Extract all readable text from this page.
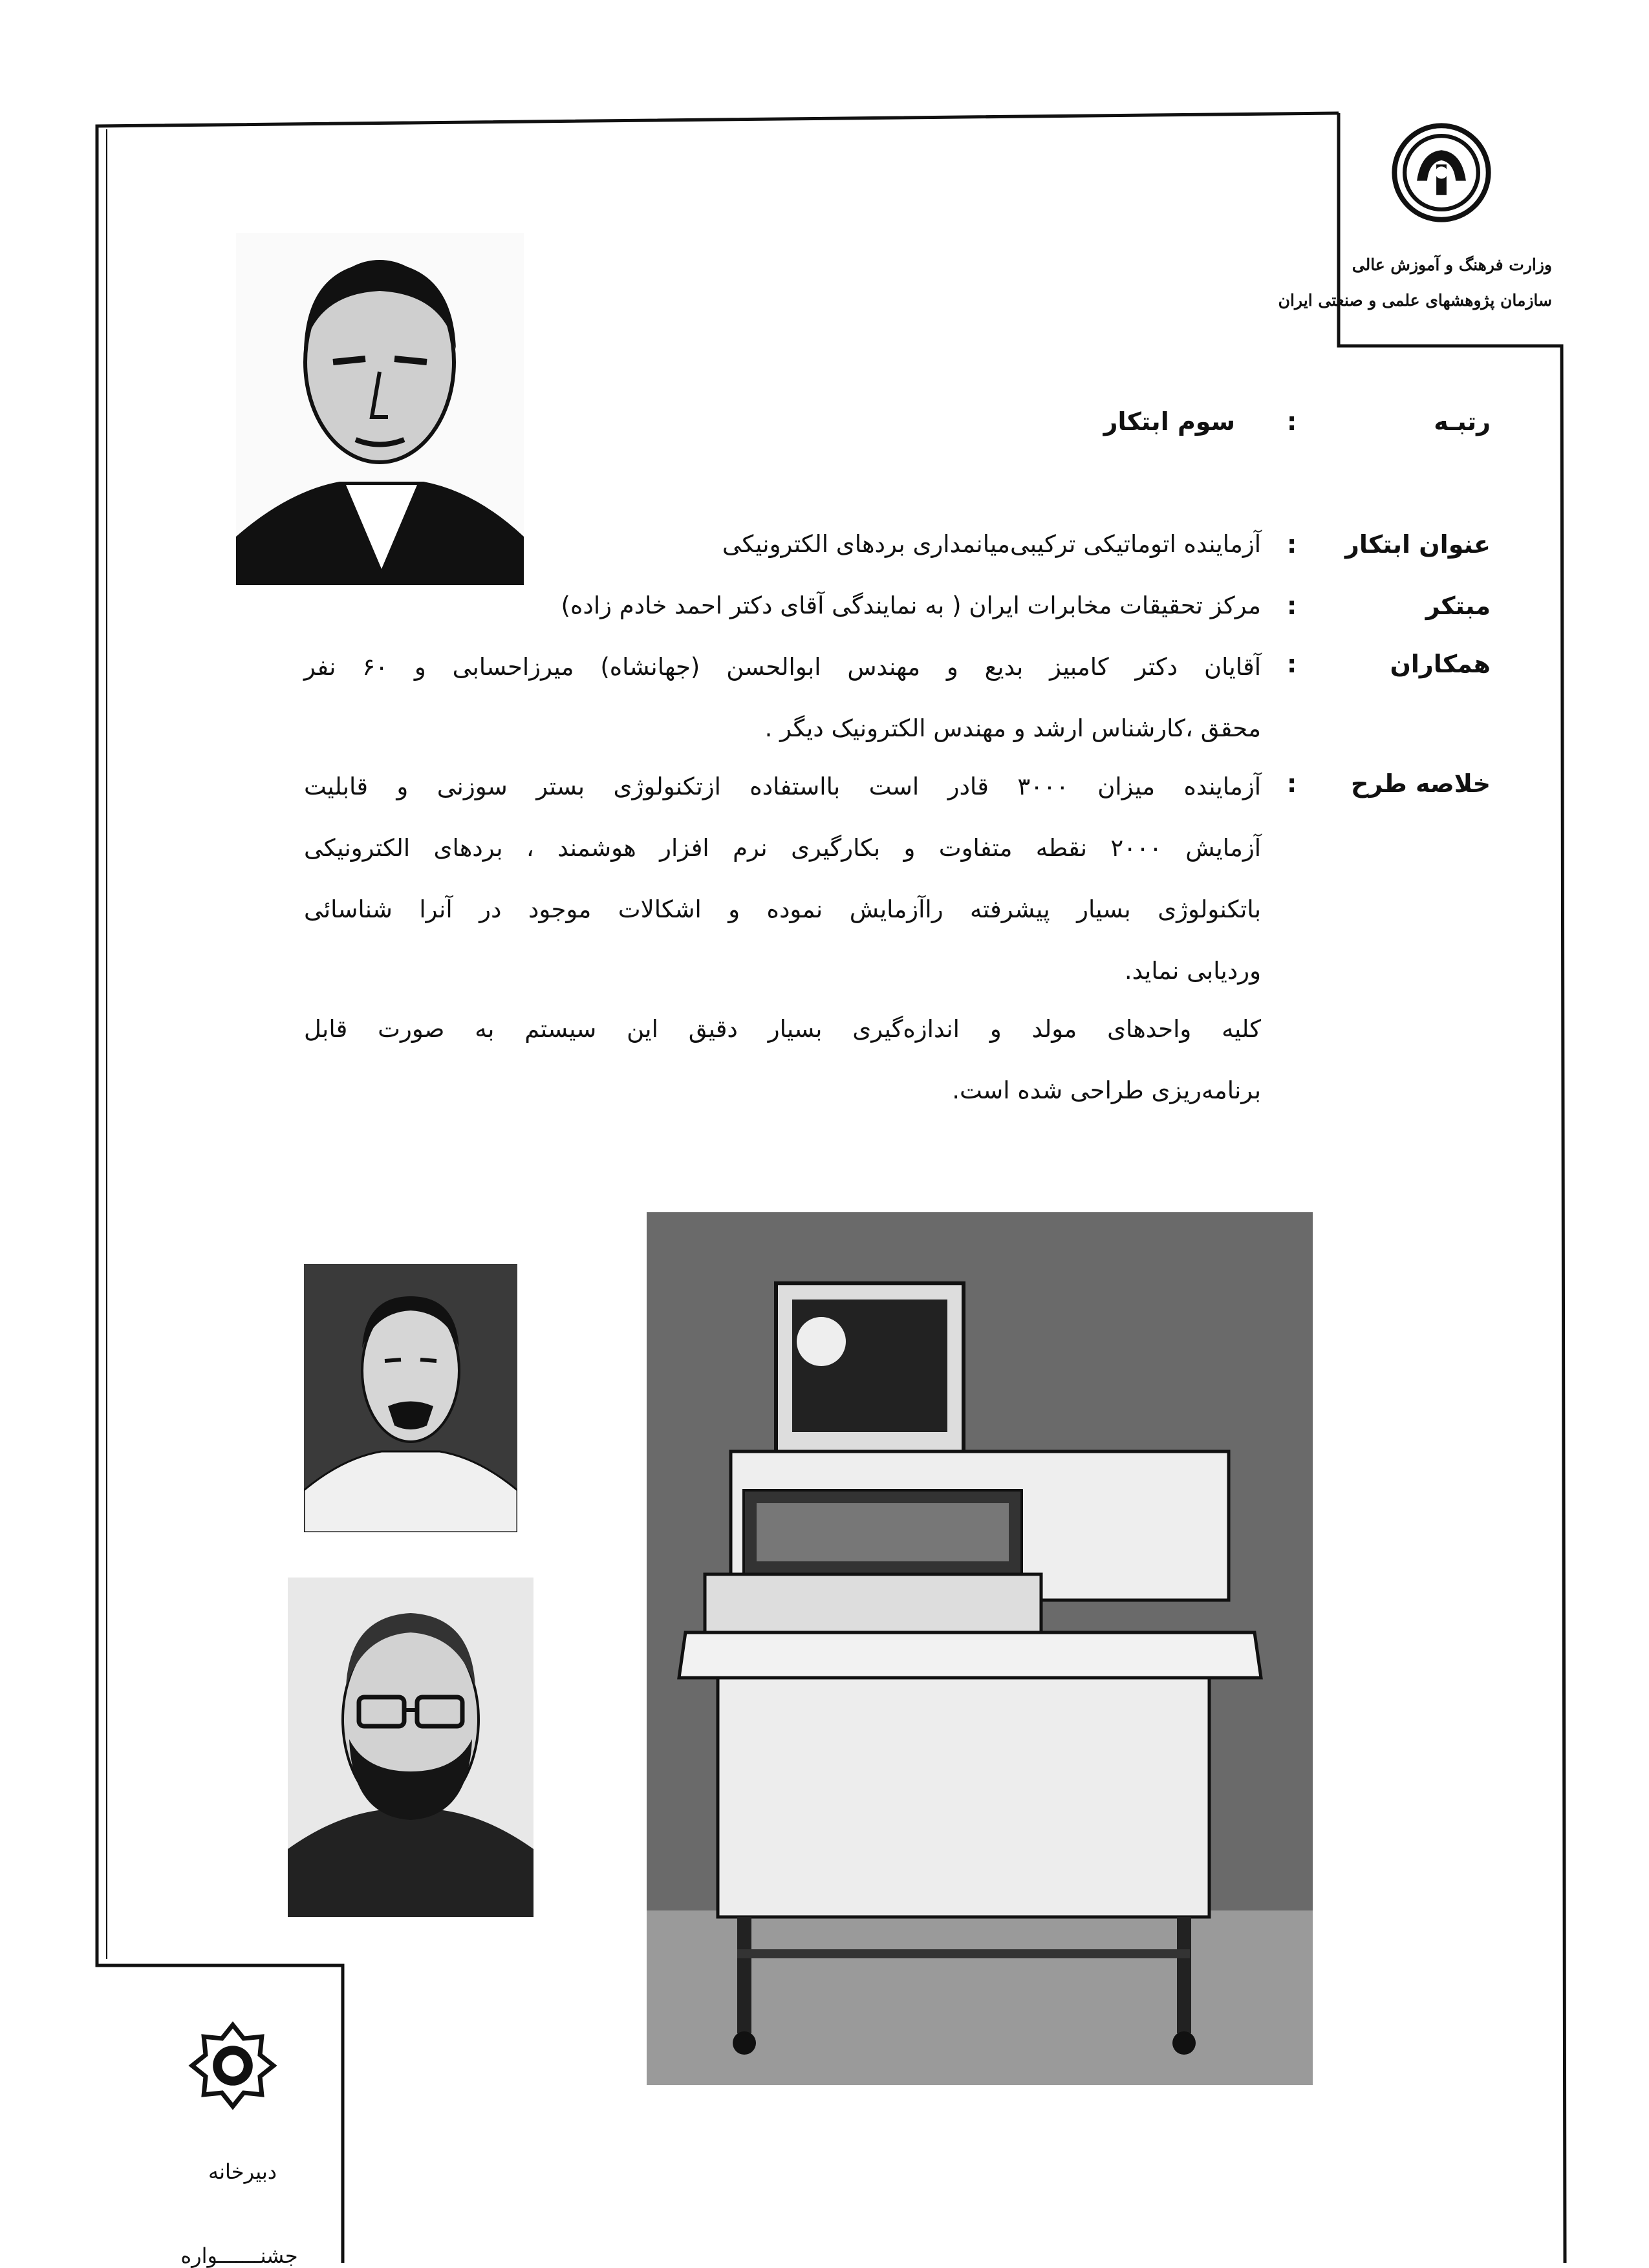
وزارت فرهنگ و آموزش عالی
سازمان پژوهشهای علمی و صنعتی ایران
رتبـه
:
سوم ابتکار
عنوان ابتکار
:
آزماینده اتوماتیکی ترکیبی‌میانمداری بردهای الکترونیکی
مبتکر
:
مرکز تحقیقات مخابرات ایران ( به نمایندگی آقای دکتر احمد خادم زاده)
همکاران
:
آقایان دکتر کامبیز بدیع و مهندس ابوالحسن (جهانشاه) میرزاحسابی و ۶۰ نفر
محقق ،کارشناس ارشد و مهندس الکترونیک دیگر .
خلاصه طرح
:
آزماینده میزان ۳۰۰۰ قادر است بااستفاده ازتکنولوژی بستر سوزنی و قابلیت
آزمایش ۲۰۰۰ نقطه متفاوت و بکارگیری نرم افزار هوشمند ، بردهای الکترونیکی
باتکنولوژی بسیار پیشرفته راآزمایش نموده و اشکالات موجود در آنرا شناسائی
وردیابی نماید.
کلیه واحدهای مولد و اندازه‌گیری بسیار دقیق این سیستم به صورت قابل
برنامه‌ریزی طراحی شده است.
دبیرخانه
جشنـــــــواره
